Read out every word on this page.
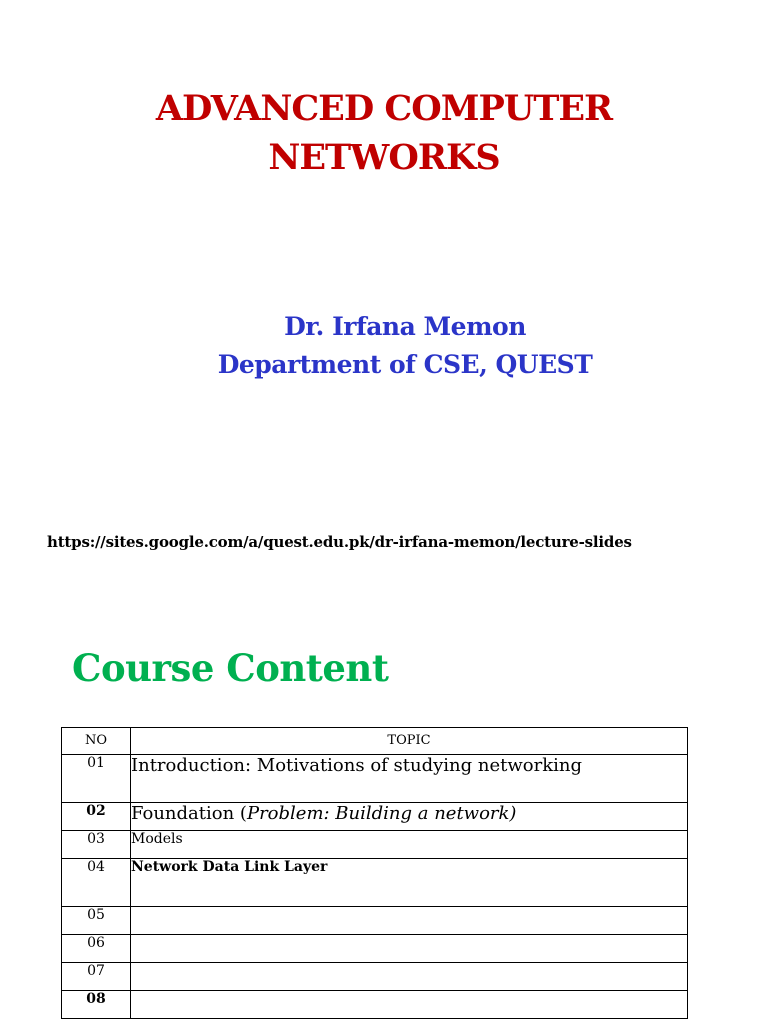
ADVANCED COMPUTER
NETWORKS
Dr. Irfana Memon
Department of CSE, QUEST
https://sites.google.com/a/quest.edu.pk/dr-irfana-memon/lecture-slides
Course Content
NO	TOPIC
01	Introduction: Motivations of studying networking
02	Foundation (Problem: Building a network)
03	Models
04	Network Data Link Layer
05	
06	
07	
08	
